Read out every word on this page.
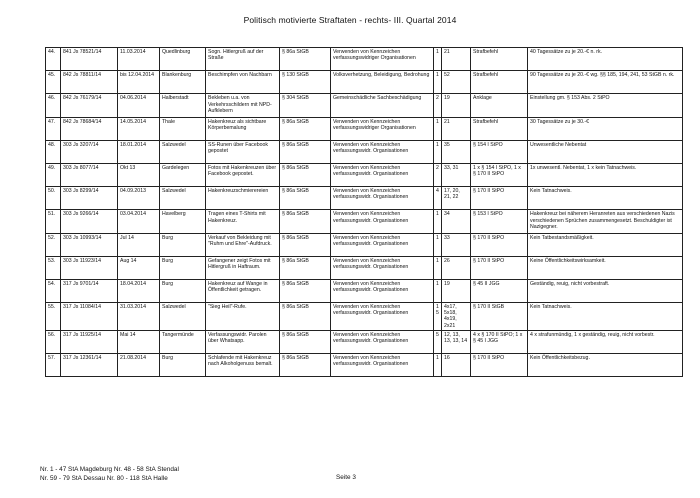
Politisch motivierte Straftaten - rechts- III. Quartal 2014
44.	841 Js 78521/14	11.03.2014	Quedlinburg	Sogn. Hitlergruß auf der Straße	§ 86a StGB	Verwenden von Kennzeichen verfassungswidriger Organisationen	1	21	Strafbefehl	40 Tagessätze zu je 20.-€ n. rk.
45.	842 Js 78811/14	bis 12.04.2014	Blankenburg	Beschimpfen von Nachbarn	§ 130 StGB	Volksverhetzung, Beleidigung, Bedrohung	1	52	Strafbefehl	90 Tagessätze zu je 20.-€ wg. §§ 185, 194, 241, 53 StGB n. rk.
46.	842 Js 76179/14	04.06.2014	Halberstadt	Bekleben u.a. von Verkehrsschildern mit NPD-Aufklebern	§ 304 StGB	Gemeinschädliche Sachbeschädigung	2	19	Anklage	Einstellung gm. § 153 Abs. 2 StPO
47.	842 Js 78684/14	14.05.2014	Thale	Hakenkreuz als sichtbare Körperbemalung	§ 86a StGB	Verwenden von Kennzeichen verfassungswidriger Organisationen	1	21	Strafbefehl	30 Tagessätze zu je 30.-€
48.	303 Js 3207/14	18.01.2014	Salzwedel	SS-Runen über Facebook gepostet	§ 86a StGB	Verwenden von Kennzeichen verfassungswidr. Organisationen	1	35	§ 154 I StPO	Unwesentliche Nebentat
49.	303 Js 8077/14	Okt 13	Gardelegen	Fotos mit Hakenkreuzen über Facebook gepostet.	§ 86a StGB	Verwenden von Kennzeichen verfassungswidr. Organisationen	2	33, 31	1 x § 154 I StPO, 1 x § 170 II StPO	1x unwesentl. Nebentat, 1 x kein Tatnachweis.
50.	303 Js 8299/14	04.09.2013	Salzwedel	Hakenkreuzschmierereien	§ 86a StGB	Verwenden von Kennzeichen verfassungswidr. Organisationen	4	17, 20, 21, 22	§ 170 II StPO	Kein Tatnachweis.
51.	303 Js 9266/14	03.04.2014	Havelberg	Tragen eines T-Shirts mit Hakenkreuz.	§ 86a StGB	Verwenden von Kennzeichen verfassungswidr. Organisationen	1	34	§ 153 I StPO	Hakenkreuz bei näherem Heranreten aus verschiedenen Nazis verschiedenen Sprüchen zusammengesetzt. Beschuldigter ist Nazigegner.
52.	303 Js 10993/14	Jul 14	Burg	Verkauf von Bekleidung mit "Ruhm und Ehre"-Aufdruck.	§ 86a StGB	Verwenden von Kennzeichen verfassungswidr. Organisationen	1	33	§ 170 II StPO	Kein Tatbestandsmäßigkeit.
53.	303 Js 11923/14	Aug 14	Burg	Gefangener zeigt Fotos mit Hitlergruß in Haftraum.	§ 86a StGB	Verwenden von Kennzeichen verfassungswidr. Organisationen	1	26	§ 170 II StPO	Keine Öffentlichkeitswirksamkeit.
54.	317 Js 9701/14	18.04.2014	Burg	Hakenkreuz auf Wange in Öffentlichkeit getragen.	§ 86a StGB	Verwenden von Kennzeichen verfassungswidr. Organisationen	1	19	§ 45 II JGG	Geständig, reuig, nicht vorbestraft.
55.	317 Js 11084/14	31.03.2014	Salzwedel	"Sieg Heil"-Rufe.	§ 86a StGB	Verwenden von Kennzeichen verfassungswidr. Organisationen	15	4x17, 5x18, 4x19, 2x21	§ 170 II StGB	Kein Tatnachweis.
56.	317 Js 11925/14	Mai 14	Tangermünde	Verfassungswidr. Parolen über Whatsapp.	§ 86a StGB	Verwenden von Kennzeichen verfassungswidr. Organisationen	5	12, 13, 13, 13, 14	4 x § 170 II StPO; 1 x § 45 I JGG	4 x strafunmündig, 1 x geständig, reuig, nicht vorbestr.
57.	317 Js 12361/14	21.08.2014	Burg	Schlafende mit Hakenkreuz nach Alkoholgenuss bemalt.	§ 86a StGB	Verwenden von Kennzeichen verfassungswidr. Organisationen	1	16	§ 170 II StPO	Kein Öffentlichkeitsbezug.
Nr. 1 - 47 StA Magdeburg Nr. 48 - 58 StA Stendal
Nr. 59 - 79 StA Dessau Nr. 80 - 118 StA Halle	Seite 3
